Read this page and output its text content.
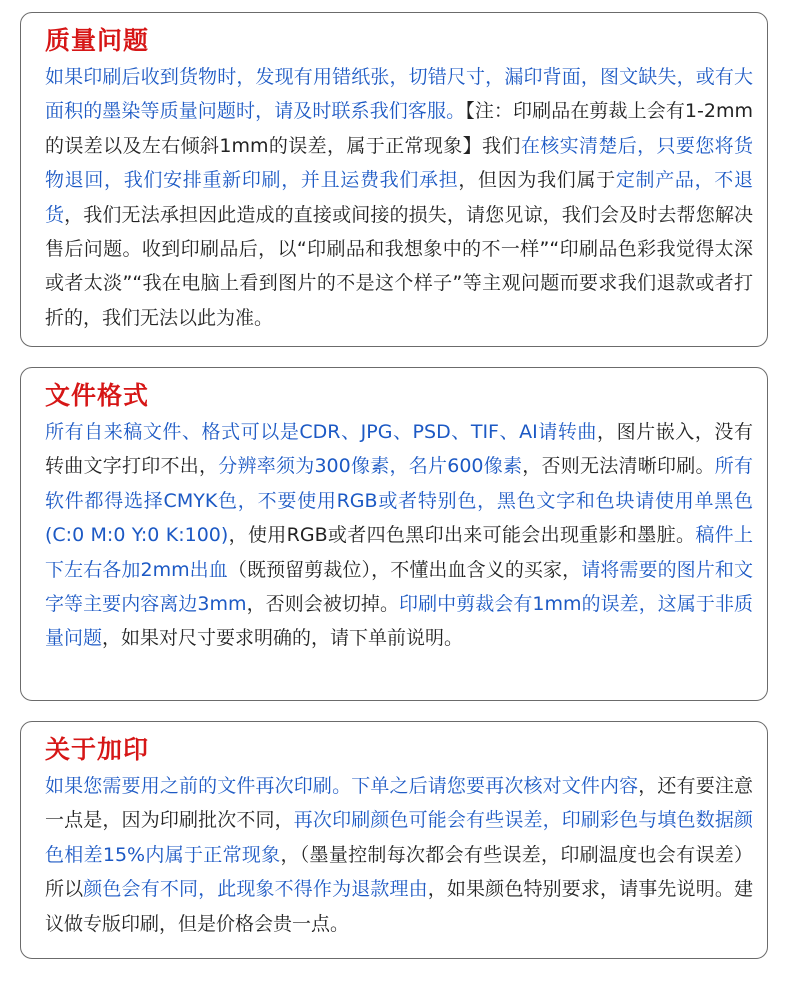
质量问题
如果印刷后收到货物时，发现有用错纸张，切错尺寸，漏印背面，图文缺失，或有大面积的墨染等质量问题时，请及时联系我们客服。【注：印刷品在剪裁上会有1-2mm的误差以及左右倾斜1mm的误差，属于正常现象】我们在核实清楚后，只要您将货物退回，我们安排重新印刷，并且运费我们承担，但因为我们属于定制产品，不退货，我们无法承担因此造成的直接或间接的损失，请您见谅，我们会及时去帮您解决售后问题。收到印刷品后，以“印刷品和我想象中的不一样”“印刷品色彩我觉得太深或者太淡”“我在电脑上看到图片的不是这个样子”等主观问题而要求我们退款或者打折的，我们无法以此为准。
文件格式
所有自来稿文件、格式可以是CDR、JPG、PSD、TIF、AI请转曲，图片嵌入，没有转曲文字打印不出，分辨率须为300像素，名片600像素，否则无法清晰印刷。所有软件都得选择CMYK色，不要使用RGB或者特别色，黑色文字和色块请使用单黑色(C:0 M:0 Y:0 K:100)，使用RGB或者四色黑印出来可能会出现重影和墨脏。稿件上下左右各加2mm出血（既预留剪裁位），不懂出血含义的买家，请将需要的图片和文字等主要内容离边3mm，否则会被切掉。印刷中剪裁会有1mm的误差，这属于非质量问题，如果对尺寸要求明确的，请下单前说明。
关于加印
如果您需要用之前的文件再次印刷。下单之后请您要再次核对文件内容，还有要注意一点是，因为印刷批次不同，再次印刷颜色可能会有些误差，印刷彩色与填色数据颜色相差15%内属于正常现象，（墨量控制每次都会有些误差，印刷温度也会有误差）所以颜色会有不同，此现象不得作为退款理由，如果颜色特别要求，请事先说明。建议做专版印刷，但是价格会贵一点。
